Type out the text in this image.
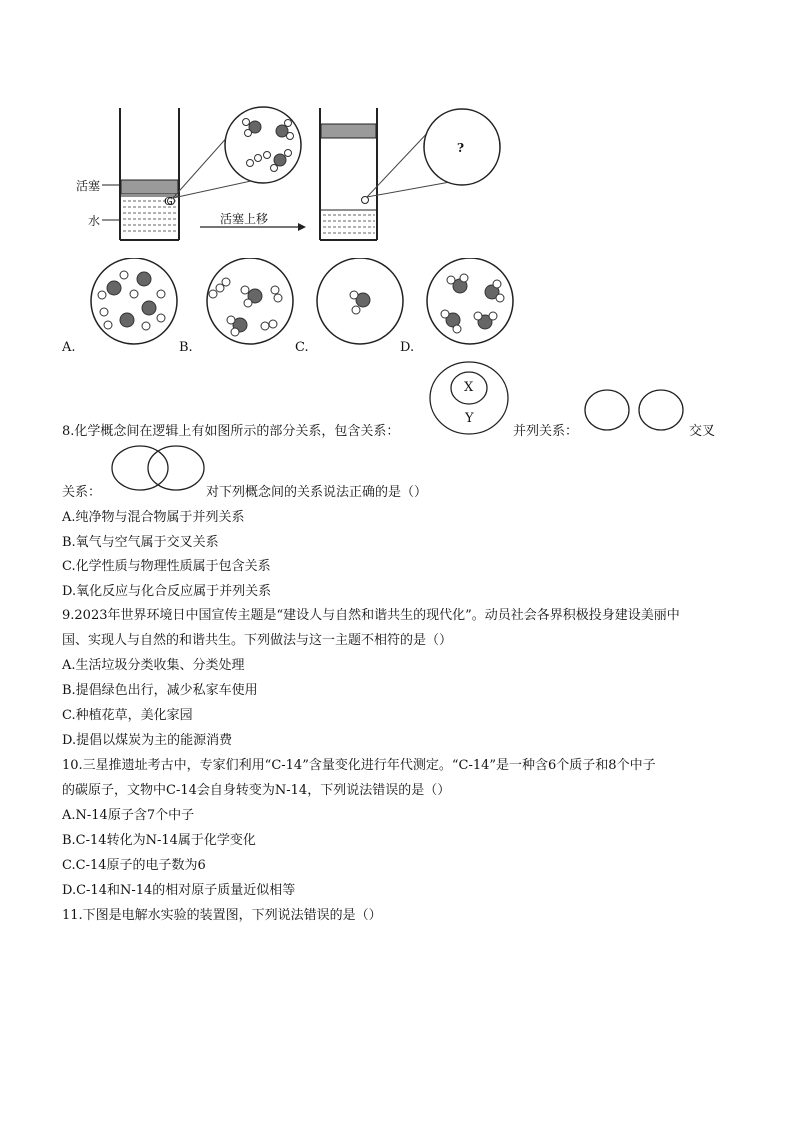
活塞
水
G
活塞上移
?
A.	B.	C.	D.
X
Y
8.化学概念间在逻辑上有如图所示的部分关系，包含关系：	并列关系：	交叉
关系：	对下列概念间的关系说法正确的是（）
A.纯净物与混合物属于并列关系
B.氧气与空气属于交叉关系
C.化学性质与物理性质属于包含关系
D.氧化反应与化合反应属于并列关系
9.2023年世界环境日中国宣传主题是“建设人与自然和谐共生的现代化”。动员社会各界积极投身建设美丽中
国、实现人与自然的和谐共生。下列做法与这一主题不相符的是（）
A.生活垃圾分类收集、分类处理
B.提倡绿色出行，减少私家车使用
C.种植花草，美化家园
D.提倡以煤炭为主的能源消费
10.三星推遗址考古中，专家们利用“C-14”含量变化进行年代测定。“C-14”是一种含6个质子和8个中子
的碳原子，文物中C-14会自身转变为N-14，下列说法错误的是（）
A.N-14原子含7个中子
B.C-14转化为N-14属于化学变化
C.C-14原子的电子数为6
D.C-14和N-14的相对原子质量近似相等
11.下图是电解水实验的装置图，下列说法错误的是（）
